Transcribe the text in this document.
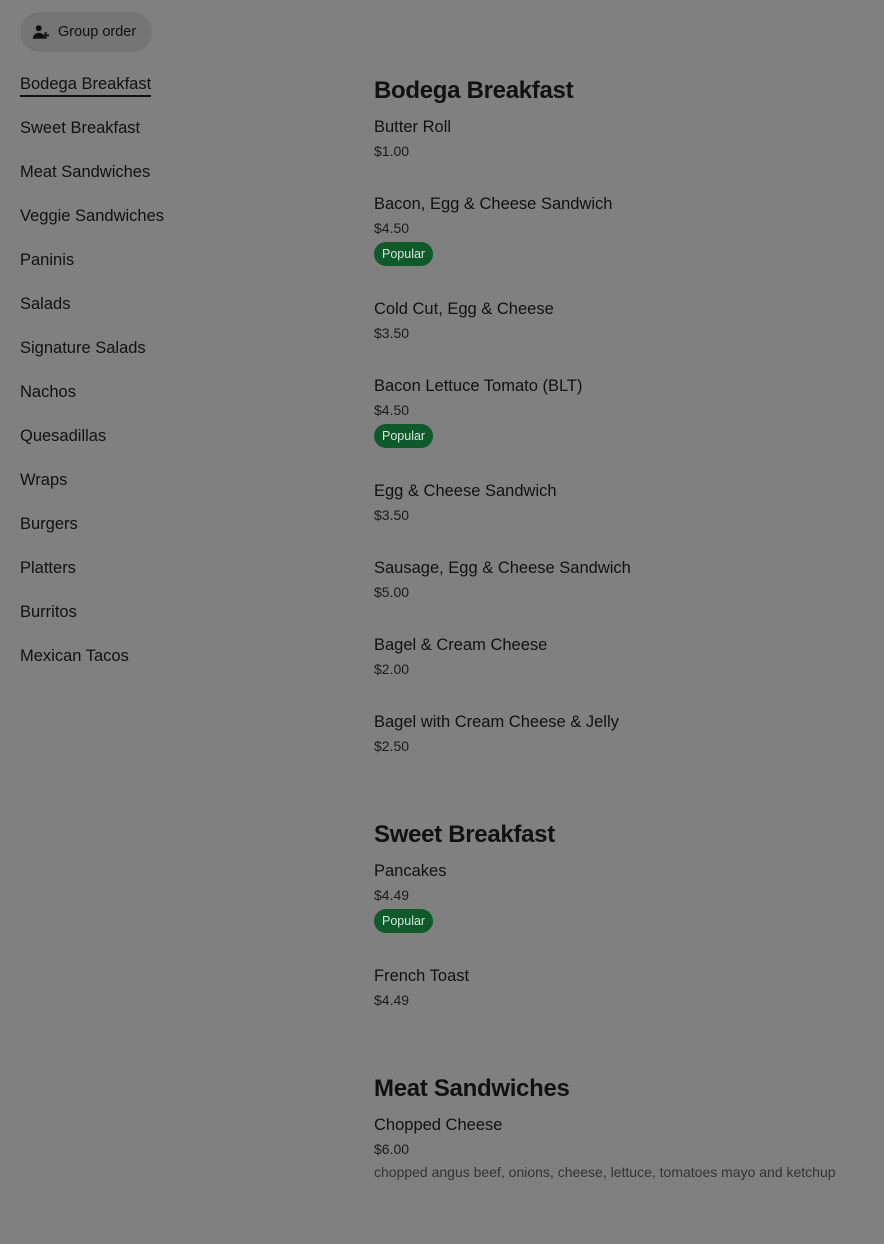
Group order
Bodega Breakfast
Sweet Breakfast
Meat Sandwiches
Veggie Sandwiches
Paninis
Salads
Signature Salads
Nachos
Quesadillas
Wraps
Burgers
Platters
Burritos
Mexican Tacos
Bodega Breakfast
Butter Roll
$1.00
Bacon, Egg & Cheese Sandwich
$4.50
Popular
Cold Cut, Egg & Cheese
$3.50
Bacon Lettuce Tomato (BLT)
$4.50
Popular
Egg & Cheese Sandwich
$3.50
Sausage, Egg & Cheese Sandwich
$5.00
Bagel & Cream Cheese
$2.00
Bagel with Cream Cheese & Jelly
$2.50
Sweet Breakfast
Pancakes
$4.49
Popular
French Toast
$4.49
Meat Sandwiches
Chopped Cheese
$6.00
chopped angus beef, onions, cheese, lettuce, tomatoes mayo and ketchup
